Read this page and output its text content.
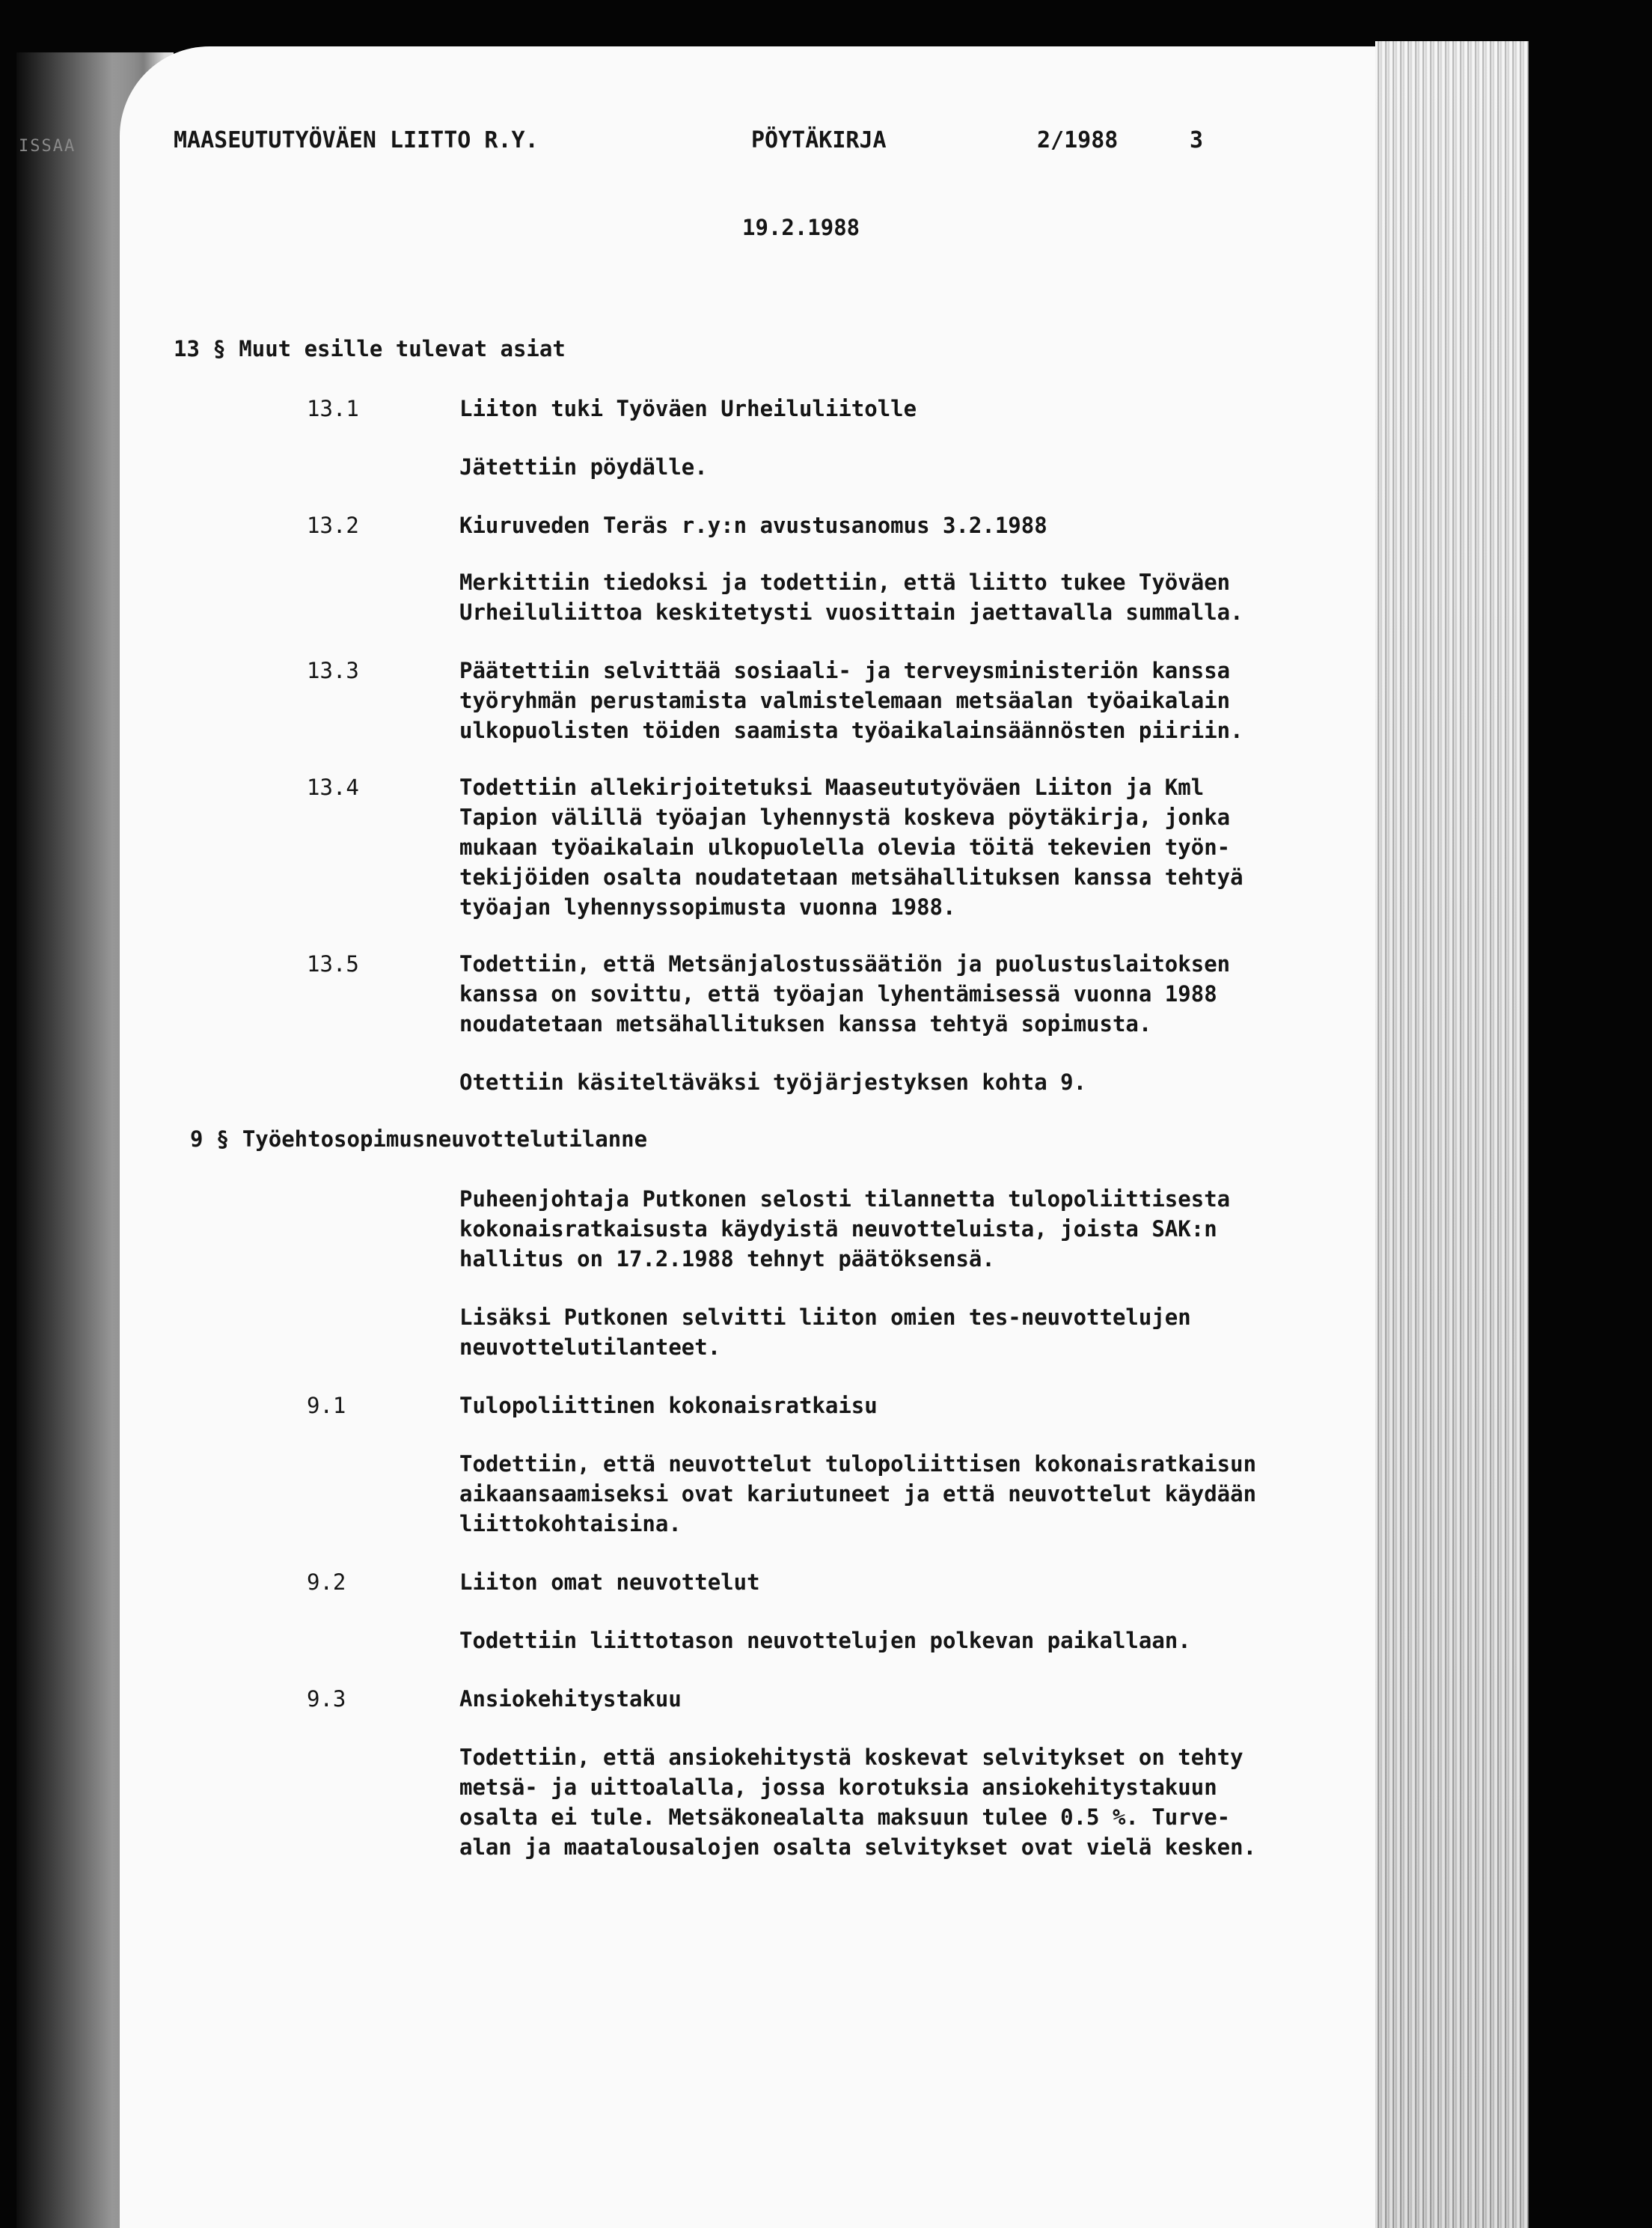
ISSAA	MAASEUTUTYÖVÄEN LIITTO R.Y.	PÖYTÄKIRJA	2/1988	3
19.2.1988
13 § Muut esille tulevat asiat
13.1	Liiton tuki Työväen Urheiluliitolle
Jätettiin pöydälle.
13.2	Kiuruveden Teräs r.y:n avustusanomus 3.2.1988
Merkittiin tiedoksi ja todettiin, että liitto tukee Työväen
Urheiluliittoa keskitetysti vuosittain jaettavalla summalla.
13.3	Päätettiin selvittää sosiaali- ja terveysministeriön kanssa
työryhmän perustamista valmistelemaan metsäalan työaikalain
ulkopuolisten töiden saamista työaikalainsäännösten piiriin.
13.4	Todettiin allekirjoitetuksi Maaseututyöväen Liiton ja Kml
Tapion välillä työajan lyhennystä koskeva pöytäkirja, jonka
mukaan työaikalain ulkopuolella olevia töitä tekevien työn-
tekijöiden osalta noudatetaan metsähallituksen kanssa tehtyä
työajan lyhennyssopimusta vuonna 1988.
13.5	Todettiin, että Metsänjalostussäätiön ja puolustuslaitoksen
kanssa on sovittu, että työajan lyhentämisessä vuonna 1988
noudatetaan metsähallituksen kanssa tehtyä sopimusta.
Otettiin käsiteltäväksi työjärjestyksen kohta 9.
9 § Työehtosopimusneuvottelutilanne
Puheenjohtaja Putkonen selosti tilannetta tulopoliittisesta
kokonaisratkaisusta käydyistä neuvotteluista, joista SAK:n
hallitus on 17.2.1988 tehnyt päätöksensä.
Lisäksi Putkonen selvitti liiton omien tes-neuvottelujen
neuvottelutilanteet.
9.1	Tulopoliittinen kokonaisratkaisu
Todettiin, että neuvottelut tulopoliittisen kokonaisratkaisun
aikaansaamiseksi ovat kariutuneet ja että neuvottelut käydään
liittokohtaisina.
9.2	Liiton omat neuvottelut
Todettiin liittotason neuvottelujen polkevan paikallaan.
9.3	Ansiokehitystakuu
Todettiin, että ansiokehitystä koskevat selvitykset on tehty
metsä- ja uittoalalla, jossa korotuksia ansiokehitystakuun
osalta ei tule. Metsäkonealalta maksuun tulee 0.5 %. Turve-
alan ja maatalousalojen osalta selvitykset ovat vielä kesken.
